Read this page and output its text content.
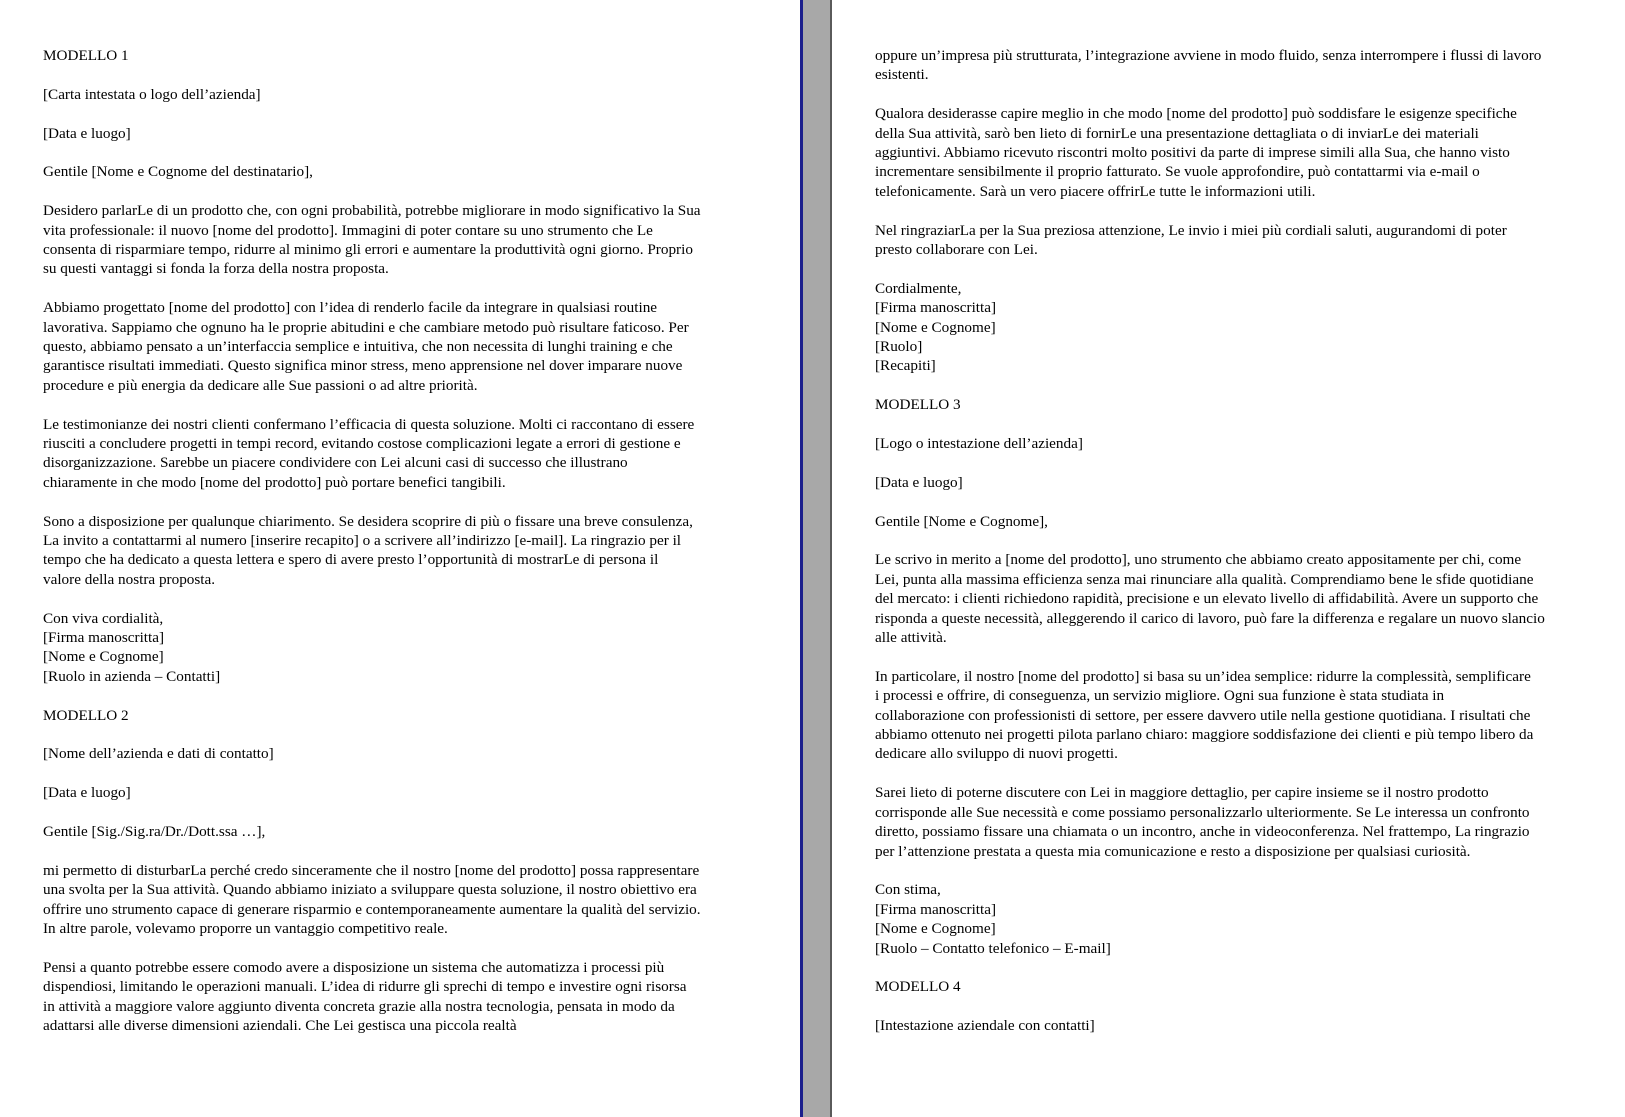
MODELLO 1

[Carta intestata o logo dell’azienda]

[Data e luogo]

Gentile [Nome e Cognome del destinatario],

Desidero parlarLe di un prodotto che, con ogni probabilità, potrebbe migliorare in modo significativo la Sua vita professionale: il nuovo [nome del prodotto]. Immagini di poter contare su uno strumento che Le consenta di risparmiare tempo, ridurre al minimo gli errori e aumentare la produttività ogni giorno. Proprio su questi vantaggi si fonda la forza della nostra proposta.

Abbiamo progettato [nome del prodotto] con l’idea di renderlo facile da integrare in qualsiasi routine lavorativa. Sappiamo che ognuno ha le proprie abitudini e che cambiare metodo può risultare faticoso. Per questo, abbiamo pensato a un’interfaccia semplice e intuitiva, che non necessita di lunghi training e che garantisce risultati immediati. Questo significa minor stress, meno apprensione nel dover imparare nuove procedure e più energia da dedicare alle Sue passioni o ad altre priorità.

Le testimonianze dei nostri clienti confermano l’efficacia di questa soluzione. Molti ci raccontano di essere riusciti a concludere progetti in tempi record, evitando costose complicazioni legate a errori di gestione e disorganizzazione. Sarebbe un piacere condividere con Lei alcuni casi di successo che illustrano chiaramente in che modo [nome del prodotto] può portare benefici tangibili.

Sono a disposizione per qualunque chiarimento. Se desidera scoprire di più o fissare una breve consulenza, La invito a contattarmi al numero [inserire recapito] o a scrivere all’indirizzo [e-mail]. La ringrazio per il tempo che ha dedicato a questa lettera e spero di avere presto l’opportunità di mostrarLe di persona il valore della nostra proposta.

Con viva cordialità,
[Firma manoscritta]
[Nome e Cognome]
[Ruolo in azienda – Contatti]

MODELLO 2

[Nome dell’azienda e dati di contatto]

[Data e luogo]

Gentile [Sig./Sig.ra/Dr./Dott.ssa …],

mi permetto di disturbarLa perché credo sinceramente che il nostro [nome del prodotto] possa rappresentare una svolta per la Sua attività. Quando abbiamo iniziato a sviluppare questa soluzione, il nostro obiettivo era offrire uno strumento capace di generare risparmio e contemporaneamente aumentare la qualità del servizio. In altre parole, volevamo proporre un vantaggio competitivo reale.

Pensi a quanto potrebbe essere comodo avere a disposizione un sistema che automatizza i processi più dispendiosi, limitando le operazioni manuali. L’idea di ridurre gli sprechi di tempo e investire ogni risorsa in attività a maggiore valore aggiunto diventa concreta grazie alla nostra tecnologia, pensata in modo da adattarsi alle diverse dimensioni aziendali. Che Lei gestisca una piccola realtà

oppure un’impresa più strutturata, l’integrazione avviene in modo fluido, senza interrompere i flussi di lavoro esistenti.

Qualora desiderasse capire meglio in che modo [nome del prodotto] può soddisfare le esigenze specifiche della Sua attività, sarò ben lieto di fornirLe una presentazione dettagliata o di inviarLe dei materiali aggiuntivi. Abbiamo ricevuto riscontri molto positivi da parte di imprese simili alla Sua, che hanno visto incrementare sensibilmente il proprio fatturato. Se vuole approfondire, può contattarmi via e-mail o telefonicamente. Sarà un vero piacere offrirLe tutte le informazioni utili.

Nel ringraziarLa per la Sua preziosa attenzione, Le invio i miei più cordiali saluti, augurandomi di poter presto collaborare con Lei.

Cordialmente,
[Firma manoscritta]
[Nome e Cognome]
[Ruolo]
[Recapiti]

MODELLO 3

[Logo o intestazione dell’azienda]

[Data e luogo]

Gentile [Nome e Cognome],

Le scrivo in merito a [nome del prodotto], uno strumento che abbiamo creato appositamente per chi, come Lei, punta alla massima efficienza senza mai rinunciare alla qualità. Comprendiamo bene le sfide quotidiane del mercato: i clienti richiedono rapidità, precisione e un elevato livello di affidabilità. Avere un supporto che risponda a queste necessità, alleggerendo il carico di lavoro, può fare la differenza e regalare un nuovo slancio alle attività.

In particolare, il nostro [nome del prodotto] si basa su un’idea semplice: ridurre la complessità, semplificare i processi e offrire, di conseguenza, un servizio migliore. Ogni sua funzione è stata studiata in collaborazione con professionisti di settore, per essere davvero utile nella gestione quotidiana. I risultati che abbiamo ottenuto nei progetti pilota parlano chiaro: maggiore soddisfazione dei clienti e più tempo libero da dedicare allo sviluppo di nuovi progetti.

Sarei lieto di poterne discutere con Lei in maggiore dettaglio, per capire insieme se il nostro prodotto corrisponde alle Sue necessità e come possiamo personalizzarlo ulteriormente. Se Le interessa un confronto diretto, possiamo fissare una chiamata o un incontro, anche in videoconferenza. Nel frattempo, La ringrazio per l’attenzione prestata a questa mia comunicazione e resto a disposizione per qualsiasi curiosità.

Con stima,
[Firma manoscritta]
[Nome e Cognome]
[Ruolo – Contatto telefonico – E-mail]

MODELLO 4

[Intestazione aziendale con contatti]
